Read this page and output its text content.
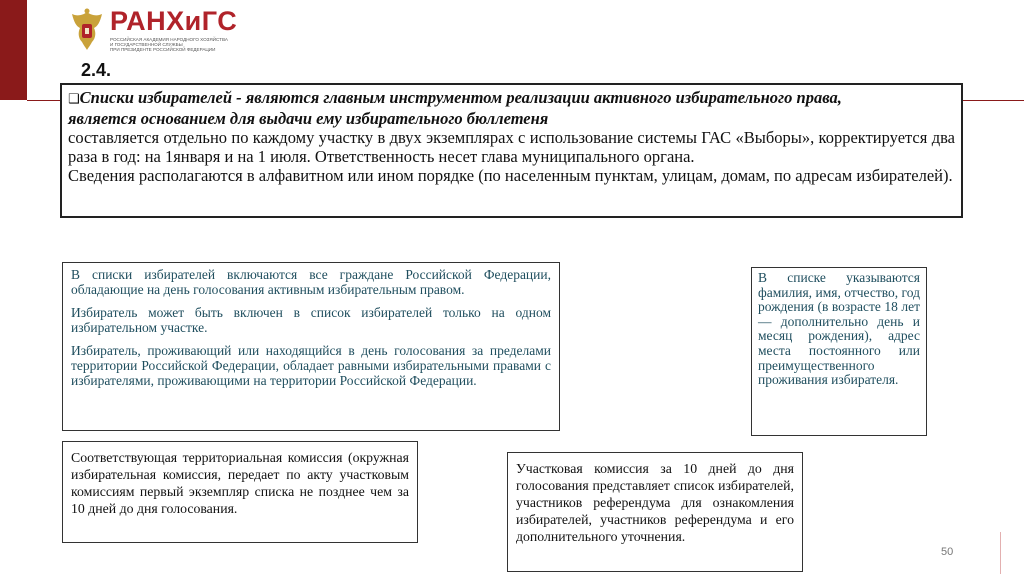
РАНХиГС
РОССИЙСКАЯ АКАДЕМИЯ НАРОДНОГО ХОЗЯЙСТВА
И ГОСУДАРСТВЕННОЙ СЛУЖБЫ
ПРИ ПРЕЗИДЕНТЕ РОССИЙСКОЙ ФЕДЕРАЦИИ
2.4.

❑Списки избирателей - являются главным инструментом реализации активного избирательного права,

является основанием для выдачи ему избирательного бюллетеня

составляется отдельно по каждому участку в двух экземплярах с использование системы ГАС «Выборы», корректируется два раза в год: на 1января и на 1 июля. Ответственность несет глава муниципального органа.

Сведения располагаются в алфавитном или ином порядке (по населенным пунктам, улицам, домам, по адресам избирателей).

В списки избирателей включаются все граждане Российской Федерации, обладающие на день голосования активным избирательным правом.

Избиратель может быть включен в список избирателей только на одном избирательном участке.

Избиратель, проживающий или находящийся в день голосования за пределами территории Российской Федерации, обладает равными избирательными правами с избирателями, проживающими на территории Российской Федерации.

В списке указываются фамилия, имя, отчество, год рождения (в возрасте 18 лет — дополнительно день и месяц рождения), адрес места постоянного или преимущественного проживания избирателя.

Соответствующая территориальная комиссия (окружная избирательная комиссия, передает по акту участковым комиссиям первый экземпляр списка не позднее чем за 10 дней до дня голосования.

Участковая комиссия за 10 дней до дня голосования представляет список избирателей, участников референдума для ознакомления избирателей, участников референдума и его дополнительного уточнения.

50
